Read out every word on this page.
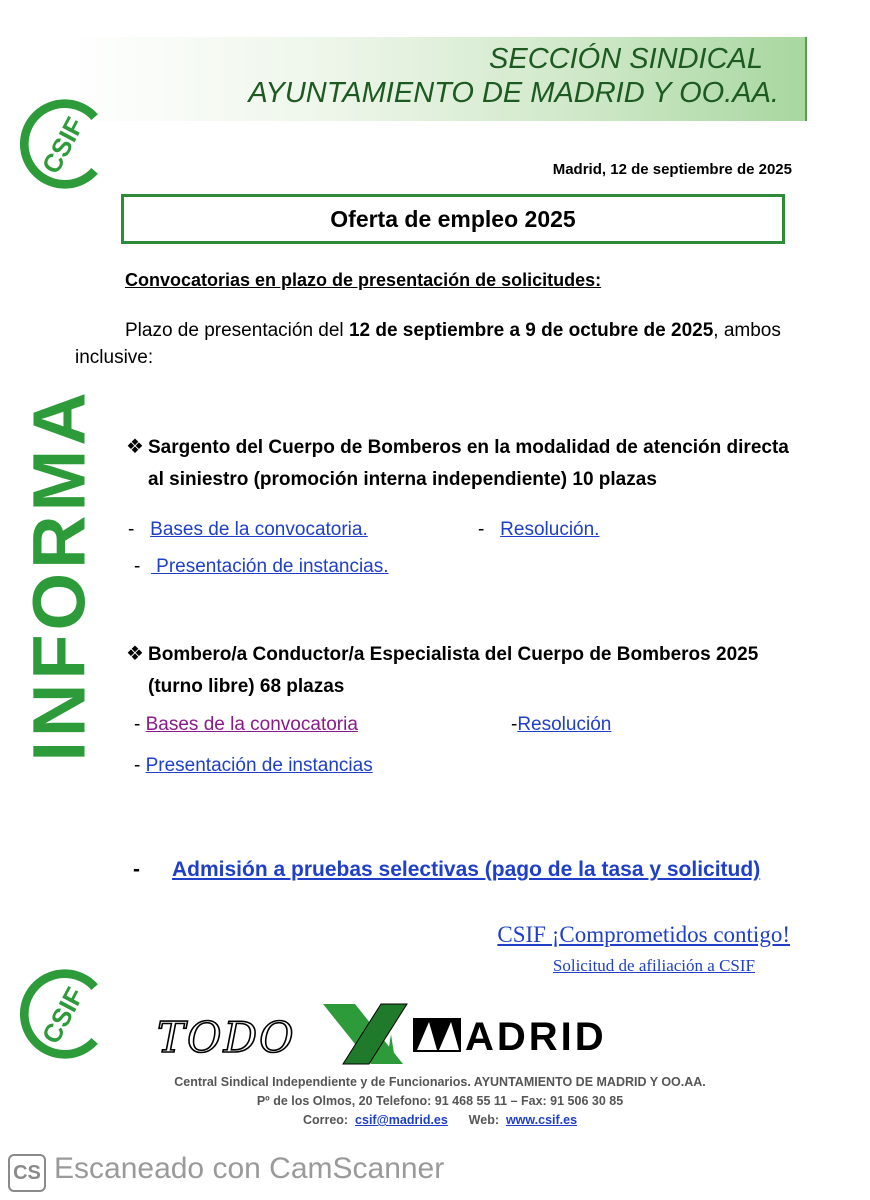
SECCIÓN SINDICAL
AYUNTAMIENTO DE MADRID Y OO.AA.
CSIF
INFORMA
Madrid, 12 de septiembre de 2025
Oferta de empleo 2025
Convocatorias en plazo de presentación de solicitudes:
Plazo de presentación del 12 de septiembre a 9 de octubre de 2025, ambos inclusive:
❖ Sargento del Cuerpo de Bomberos en la modalidad de atención directa
al siniestro (promoción interna independiente) 10 plazas
- Bases de la convocatoria.	- Resolución.
-   Presentación de instancias.
❖ Bombero/a Conductor/a Especialista del Cuerpo de Bomberos 2025
(turno libre) 68 plazas
- Bases de la convocatoria	-Resolución
- Presentación de instancias
- Admisión a pruebas selectivas (pago de la tasa y solicitud)
CSIF ¡Comprometidos contigo!
Solicitud de afiliación a CSIF
CSIF TODO	ADRID
Central Sindical Independiente y de Funcionarios. AYUNTAMIENTO DE MADRID Y OO.AA.
Pº de los Olmos, 20 Telefono: 91 468 55 11 – Fax: 91 506 30 85
Correo: csif@madrid.es Web: www.csif.es
CS Escaneado con CamScanner
